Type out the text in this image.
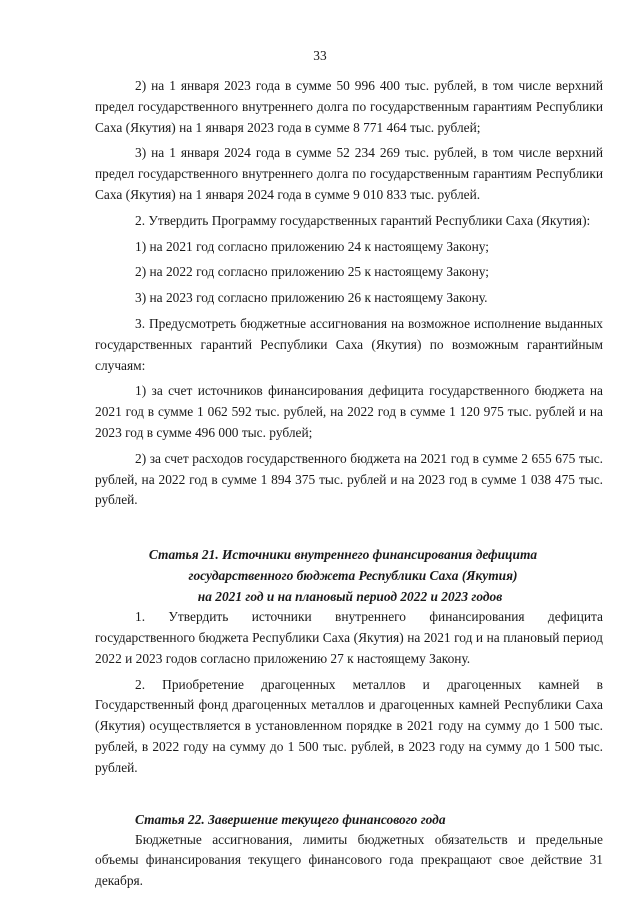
33

2) на 1 января 2023 года в сумме 50 996 400 тыс. рублей, в том числе верхний предел государственного внутреннего долга по государственным гарантиям Республики Саха (Якутия) на 1 января 2023 года в сумме 8 771 464 тыс. рублей;

3) на 1 января 2024 года в сумме 52 234 269 тыс. рублей, в том числе верхний предел государственного внутреннего долга по государственным гарантиям Республики Саха (Якутия) на 1 января 2024 года в сумме 9 010 833 тыс. рублей.

2. Утвердить Программу государственных гарантий Республики Саха (Якутия):

1) на 2021 год согласно приложению 24 к настоящему Закону;

2) на 2022 год согласно приложению 25 к настоящему Закону;

3) на 2023 год согласно приложению 26 к настоящему Закону.

3. Предусмотреть бюджетные ассигнования на возможное исполнение выданных государственных гарантий Республики Саха (Якутия) по возможным гарантийным случаям:

1) за счет источников финансирования дефицита государственного бюджета на 2021 год в сумме 1 062 592 тыс. рублей, на 2022 год в сумме 1 120 975 тыс. рублей и на 2023 год в сумме 496 000 тыс. рублей;

2) за счет расходов государственного бюджета на 2021 год в сумме 2 655 675 тыс. рублей, на 2022 год в сумме 1 894 375 тыс. рублей и на 2023 год в сумме 1 038 475 тыс. рублей.

Статья 21. Источники внутреннего финансирования дефицита
государственного бюджета Республики Саха (Якутия)
на 2021 год и на плановый период 2022 и 2023 годов

1. Утвердить источники внутреннего финансирования дефицита государственного бюджета Республики Саха (Якутия) на 2021 год и на плановый период 2022 и 2023 годов согласно приложению 27 к настоящему Закону.

2. Приобретение драгоценных металлов и драгоценных камней в Государственный фонд драгоценных металлов и драгоценных камней Республики Саха (Якутия) осуществляется в установленном порядке в 2021 году на сумму до 1 500 тыс. рублей, в 2022 году на сумму до 1 500 тыс. рублей, в 2023 году на сумму до 1 500 тыс. рублей.

Статья 22. Завершение текущего финансового года

Бюджетные ассигнования, лимиты бюджетных обязательств и предельные объемы финансирования текущего финансового года прекращают свое действие 31 декабря.
